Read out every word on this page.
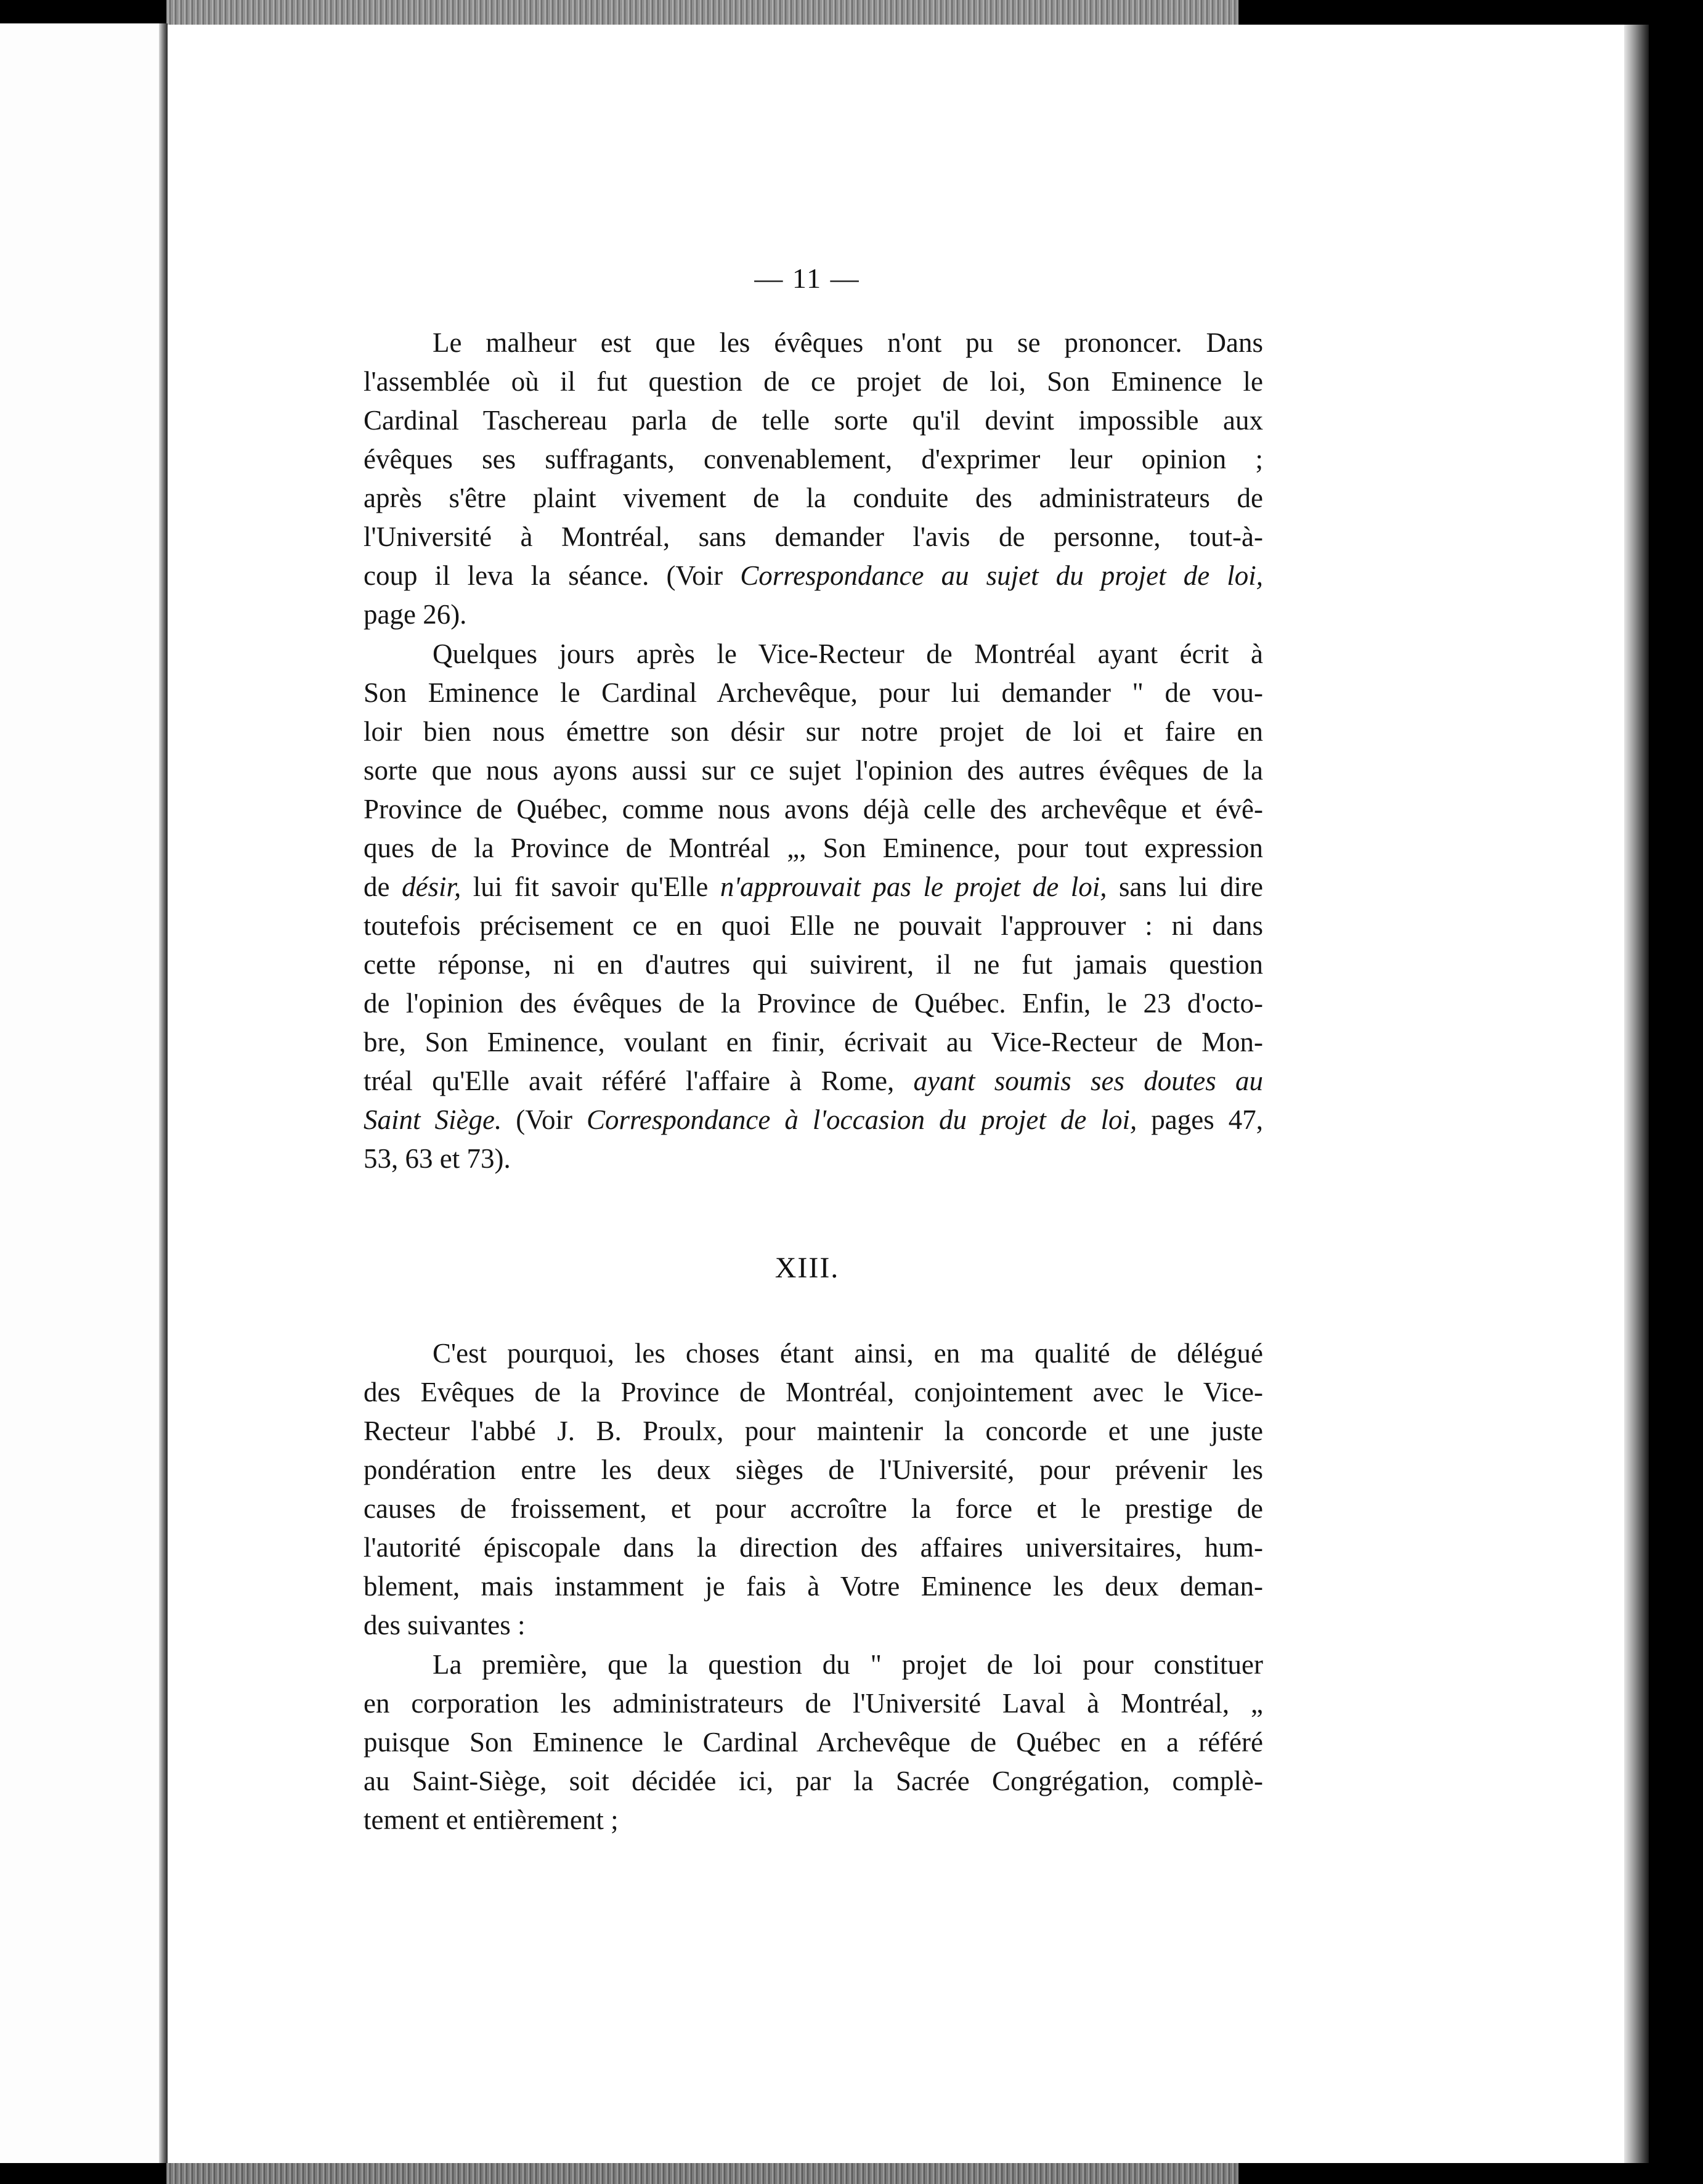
— 11 —
Le malheur est que les évêques n'ont pu se prononcer. Dans
l'assemblée où il fut question de ce projet de loi, Son Eminence le
Cardinal Taschereau parla de telle sorte qu'il devint impossible aux
évêques ses suffragants, convenablement, d'exprimer leur opinion ;
après s'être plaint vivement de la conduite des administrateurs de
l'Université à Montréal, sans demander l'avis de personne, tout-à-
coup il leva la séance. (Voir Correspondance au sujet du projet de loi,
page 26).
Quelques jours après le Vice-Recteur de Montréal ayant écrit à
Son Eminence le Cardinal Archevêque, pour lui demander " de vou-
loir bien nous émettre son désir sur notre projet de loi et faire en
sorte que nous ayons aussi sur ce sujet l'opinion des autres évêques de la
Province de Québec, comme nous avons déjà celle des archevêque et évê-
ques de la Province de Montréal „, Son Eminence, pour tout expression
de désir, lui fit savoir qu'Elle n'approuvait pas le projet de loi, sans lui dire
toutefois précisement ce en quoi Elle ne pouvait l'approuver : ni dans
cette réponse, ni en d'autres qui suivirent, il ne fut jamais question
de l'opinion des évêques de la Province de Québec. Enfin, le 23 d'octo-
bre, Son Eminence, voulant en finir, écrivait au Vice-Recteur de Mon-
tréal qu'Elle avait référé l'affaire à Rome, ayant soumis ses doutes au
Saint Siège. (Voir Correspondance à l'occasion du projet de loi, pages 47,
53, 63 et 73).
XIII.
C'est pourquoi, les choses étant ainsi, en ma qualité de délégué
des Evêques de la Province de Montréal, conjointement avec le Vice-
Recteur l'abbé J. B. Proulx, pour maintenir la concorde et une juste
pondération entre les deux sièges de l'Université, pour prévenir les
causes de froissement, et pour accroître la force et le prestige de
l'autorité épiscopale dans la direction des affaires universitaires, hum-
blement, mais instamment je fais à Votre Eminence les deux deman-
des suivantes :
La première, que la question du " projet de loi pour constituer
en corporation les administrateurs de l'Université Laval à Montréal, „
puisque Son Eminence le Cardinal Archevêque de Québec en a référé
au Saint-Siège, soit décidée ici, par la Sacrée Congrégation, complè-
tement et entièrement ;
